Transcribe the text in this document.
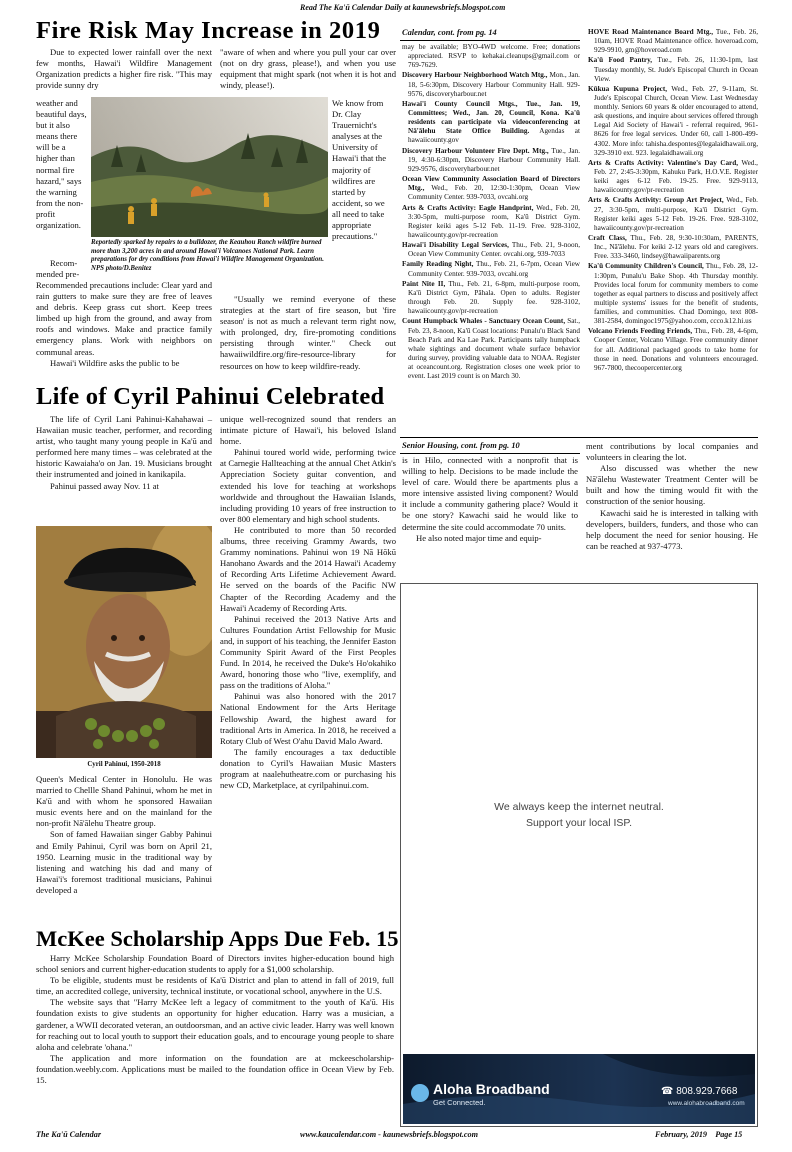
Read The Ka'ū Calendar Daily at kaunewsbriefs.blogspot.com
Fire Risk May Increase in 2019

Due to expected lower rainfall over the next few months, Hawai'i Wildfire Management Organization predicts a higher fire risk. "This may provide sunny dry

weather and beautiful days, but it also means there will be a higher than normal fire hazard," says the warning from the non-profit organization.

Recom-
mended pre-

Recommended precautions include: Clear yard and rain gutters to make sure they are free of leaves and debris. Keep grass cut short. Keep trees limbed up high from the ground, and away from roofs and windows. Make and practice family emergency plans. Work with neighbors on communal areas.

Hawai'i Wildfire asks the public to be

Reportedly sparked by repairs to a bulldozer, the Keauhou Ranch wildfire burned more than 3,200 acres in and around Hawai'i Volcanoes National Park. Learn preparations for dry conditions from Hawai'i Wildfire Management Organization. NPS photo/D.Benitez

"aware of when and where you pull your car over (not on dry grass, please!), and when you use equipment that might spark (not when it is hot and windy, please!).

We know from Dr. Clay Trauernicht's analyses at the University of Hawai'i that the majority of wildfires are started by accident, so we all need to take appropriate precautions."

"Usually we remind everyone of these strategies at the start of fire season, but 'fire season' is not as much a relevant term right now, with prolonged, dry, fire-promoting conditions persisting through winter." Check out hawaiiwildfire.org/fire-resource-library for resources on how to keep wildfire-ready.

Life of Cyril Pahinui Celebrated

The life of Cyril Lani Pahinui-Kahahawai – Hawaiian music teacher, performer, and recording artist, who taught many young people in Ka'ū and performed here many times – was celebrated at the historic Kawaiaha'o on Jan. 19. Musicians brought their instrumented and joined in kanikapila.

Pahinui passed away Nov. 11 at

Cyril Pahinui, 1950-2018

Queen's Medical Center in Honolulu. He was married to Chellle Shand Pahinui, whom he met in Ka'ū and with whom he sponsored Hawaiian music events here and on the mainland for the non-profit Nā'ālehu Theatre group.

Son of famed Hawaiian singer Gabby Pahinui and Emily Pahinui, Cyril was born on April 21, 1950. Learning music in the traditional way by listening and watching his dad and many of Hawai'i's foremost traditional musicians, Pahinui developed a

unique well-recognized sound that renders an intimate picture of Hawai'i, his beloved Island home.

Pahinui toured world wide, performing twice at Carnegie Hallteaching at the annual Chet Atkin's Appreciation Society guitar convention, and extended his love for teaching at workshops worldwide and throughout the Hawaiian Islands, including providing 10 years of free instruction to over 800 elementary and high school students.

He contributed to more than 50 recorded albums, three receiving Grammy Awards, two Grammy nominations. Pahinui won 19 Nā Hōkū Hanohano Awards and the 2014 Hawai'i Academy of Recording Arts Lifetime Achievement Award. He served on the boards of the Pacific NW Chapter of the Recording Academy and the Hawai'i Academy of Recording Arts.

Pahinui received the 2013 Native Arts and Cultures Foundation Artist Fellowship for Music and, in support of his teaching, the Jennifer Easton Community Spirit Award of the First Peoples Fund. In 2014, he received the Duke's Ho'okahiko Award, honoring those who "live, exemplify, and pass on the traditions of Aloha."

Pahinui was also honored with the 2017 National Endowment for the Arts Heritage Fellowship Award, the highest award for traditional Arts in America. In 2018, he received a Rotary Club of West O'ahu David Malo Award.

The family encourages a tax deductible donation to Cyril's Hawaiian Music Masters program at naalehutheatre.com or purchasing his new CD, Marketplace, at cyrilpahinui.com.

McKee Scholarship Apps Due Feb. 15

Harry McKee Scholarship Foundation Board of Directors invites higher-education bound high school seniors and current higher-education students to apply for a $1,000 scholarship.

To be eligible, students must be residents of Ka'ū District and plan to attend in fall of 2019, full time, an accredited college, university, technical institute, or vocational school, anywhere in the U.S.

The website says that "Harry McKee left a legacy of commitment to the youth of Ka'ū. His foundation exists to give students an opportunity for higher education. Harry was a musician, a gardener, a WWII decorated veteran, an outdoorsman, and an active civic leader. Harry was well known for reaching out to local youth to support their education goals, and to encourage young people to share aloha and celebrate 'ohana."

The application and more information on the foundation are at mckeescholarship-foundation.weebly.com. Applications must be mailed to the foundation office in Ocean View by Feb. 15.

Calendar, cont. from pg. 14

may be available; BYO-4WD welcome. Free; donations appreciated. RSVP to kehakai.cleanups@gmail.com or 769-7629.

Discovery Harbour Neighborhood Watch Mtg., Mon., Jan. 18, 5-6:30pm, Discovery Harbour Community Hall. 929-9576, discoveryharbour.net

Hawai'i County Council Mtgs., Tue., Jan. 19, Committees; Wed., Jan. 20, Council, Kona. Ka'ū residents can participate via videoconferencing at Nā'ālehu State Office Building. Agendas at hawaiicounty.gov

Discovery Harbour Volunteer Fire Dept. Mtg., Tue., Jan. 19, 4:30-6:30pm, Discovery Harbour Community Hall. 929-9576, discoveryharbour.net

Ocean View Community Association Board of Directors Mtg., Wed., Feb. 20, 12:30-1:30pm, Ocean View Community Center. 939-7033, ovcahi.org

Arts & Crafts Activity: Eagle Handprint, Wed., Feb. 20, 3:30-5pm, multi-purpose room, Ka'ū District Gym. Register keiki ages 5-12 Feb. 11-19. Free. 928-3102, hawaiicounty.gov/pr-recreation

Hawai'i Disability Legal Services, Thu., Feb. 21, 9-noon, Ocean View Community Center. ovcahi.org, 939-7033

Family Reading Night, Thu., Feb. 21, 6-7pm, Ocean View Community Center. 939-7033, ovcahi.org

Paint Nite II, Thu., Feb. 21, 6-8pm, multi-purpose room, Ka'ū District Gym, Pāhala. Open to adults. Register through Feb. 20. Supply fee. 928-3102, hawaiicounty.gov/pr-recreation

Count Humpback Whales - Sanctuary Ocean Count, Sat., Feb. 23, 8-noon, Ka'ū Coast locations: Punalu'u Black Sand Beach Park and Ka Lae Park. Participants tally humpback whale sightings and document whale surface behavior during survey, providing valuable data to NOAA. Register at oceancount.org. Registration closes one week prior to event. Last 2019 count is on March 30.

HOVE Road Maintenance Board Mtg., Tue., Feb. 26, 10am, HOVE Road Maintenance office. hoveroad.com, 929-9910, gm@hoveroad.com

Ka'ū Food Pantry, Tue., Feb. 26, 11:30-1pm, last Tuesday monthly, St. Jude's Episcopal Church in Ocean View.

Kūkua Kupuna Project, Wed., Feb. 27, 9-11am, St. Jude's Episcopal Church, Ocean View. Last Wednesday monthly. Seniors 60 years & older encouraged to attend, ask questions, and inquire about services offered through Legal Aid Society of Hawai'i - referral required, 961-8626 for free legal services. Under 60, call 1-800-499-4302. More info: tahisha.despontes@legalaidhawaii.org, 329-3910 ext. 923. legalaidhawaii.org

Arts & Crafts Activity: Valentine's Day Card, Wed., Feb. 27, 2:45-3:30pm, Kahuku Park, H.O.V.E. Register keiki ages 6-12 Feb. 19-25. Free. 929-9113, hawaiicounty.gov/pr-recreation

Arts & Crafts Activity: Group Art Project, Wed., Feb. 27, 3:30-5pm, multi-purpose, Ka'ū District Gym. Register keiki ages 5-12 Feb. 19-26. Free. 928-3102, hawaiicounty.gov/pr-recreation

Craft Class, Thu., Feb. 28, 9:30-10:30am, PARENTS, Inc., Nā'ālehu. For keiki 2-12 years old and caregivers. Free. 333-3460, lindsey@hawaiiparents.org

Ka'ū Community Children's Council, Thu., Feb. 28, 12-1:30pm, Punalu'u Bake Shop. 4th Thursday monthly. Provides local forum for community members to come together as equal partners to discuss and positively affect multiple systems' issues for the benefit of students, families, and communities. Chad Domingo, text 808-381-2584, domingoc1975@yahoo.com, ccco.k12.hi.us

Volcano Friends Feeding Friends, Thu., Feb. 28, 4-6pm, Cooper Center, Volcano Village. Free community dinner for all. Additional packaged goods to take home for those in need. Donations and volunteers encouraged. 967-7800, thecoopercenter.org

Senior Housing, cont. from pg. 10

is in Hilo, connected with a nonprofit that is willing to help. Decisions to be made include the level of care. Would there be apartments plus a more intensive assisted living component? Would it include a community gathering place? Would it be one story? Kawachi said he would like to determine the site could accommodate 70 units.

He also noted major time and equip-

ment contributions by local companies and volunteers in clearing the lot.

Also discussed was whether the new Nā'ālehu Wastewater Treatment Center will be built and how the timing would fit with the construction of the senior housing.

Kawachi said he is interested in talking with developers, builders, funders, and those who can help document the need for senior housing. He can be reached at 937-4773.

We always keep the internet neutral.
Support your local ISP.
Aloha Broadband
Get Connected.
☎ 808.929.7668
www.alohabroadband.com
The Ka'ū Calendar	www.kaucalendar.com - kaunewsbriefs.blogspot.com	February, 2019    Page 15
